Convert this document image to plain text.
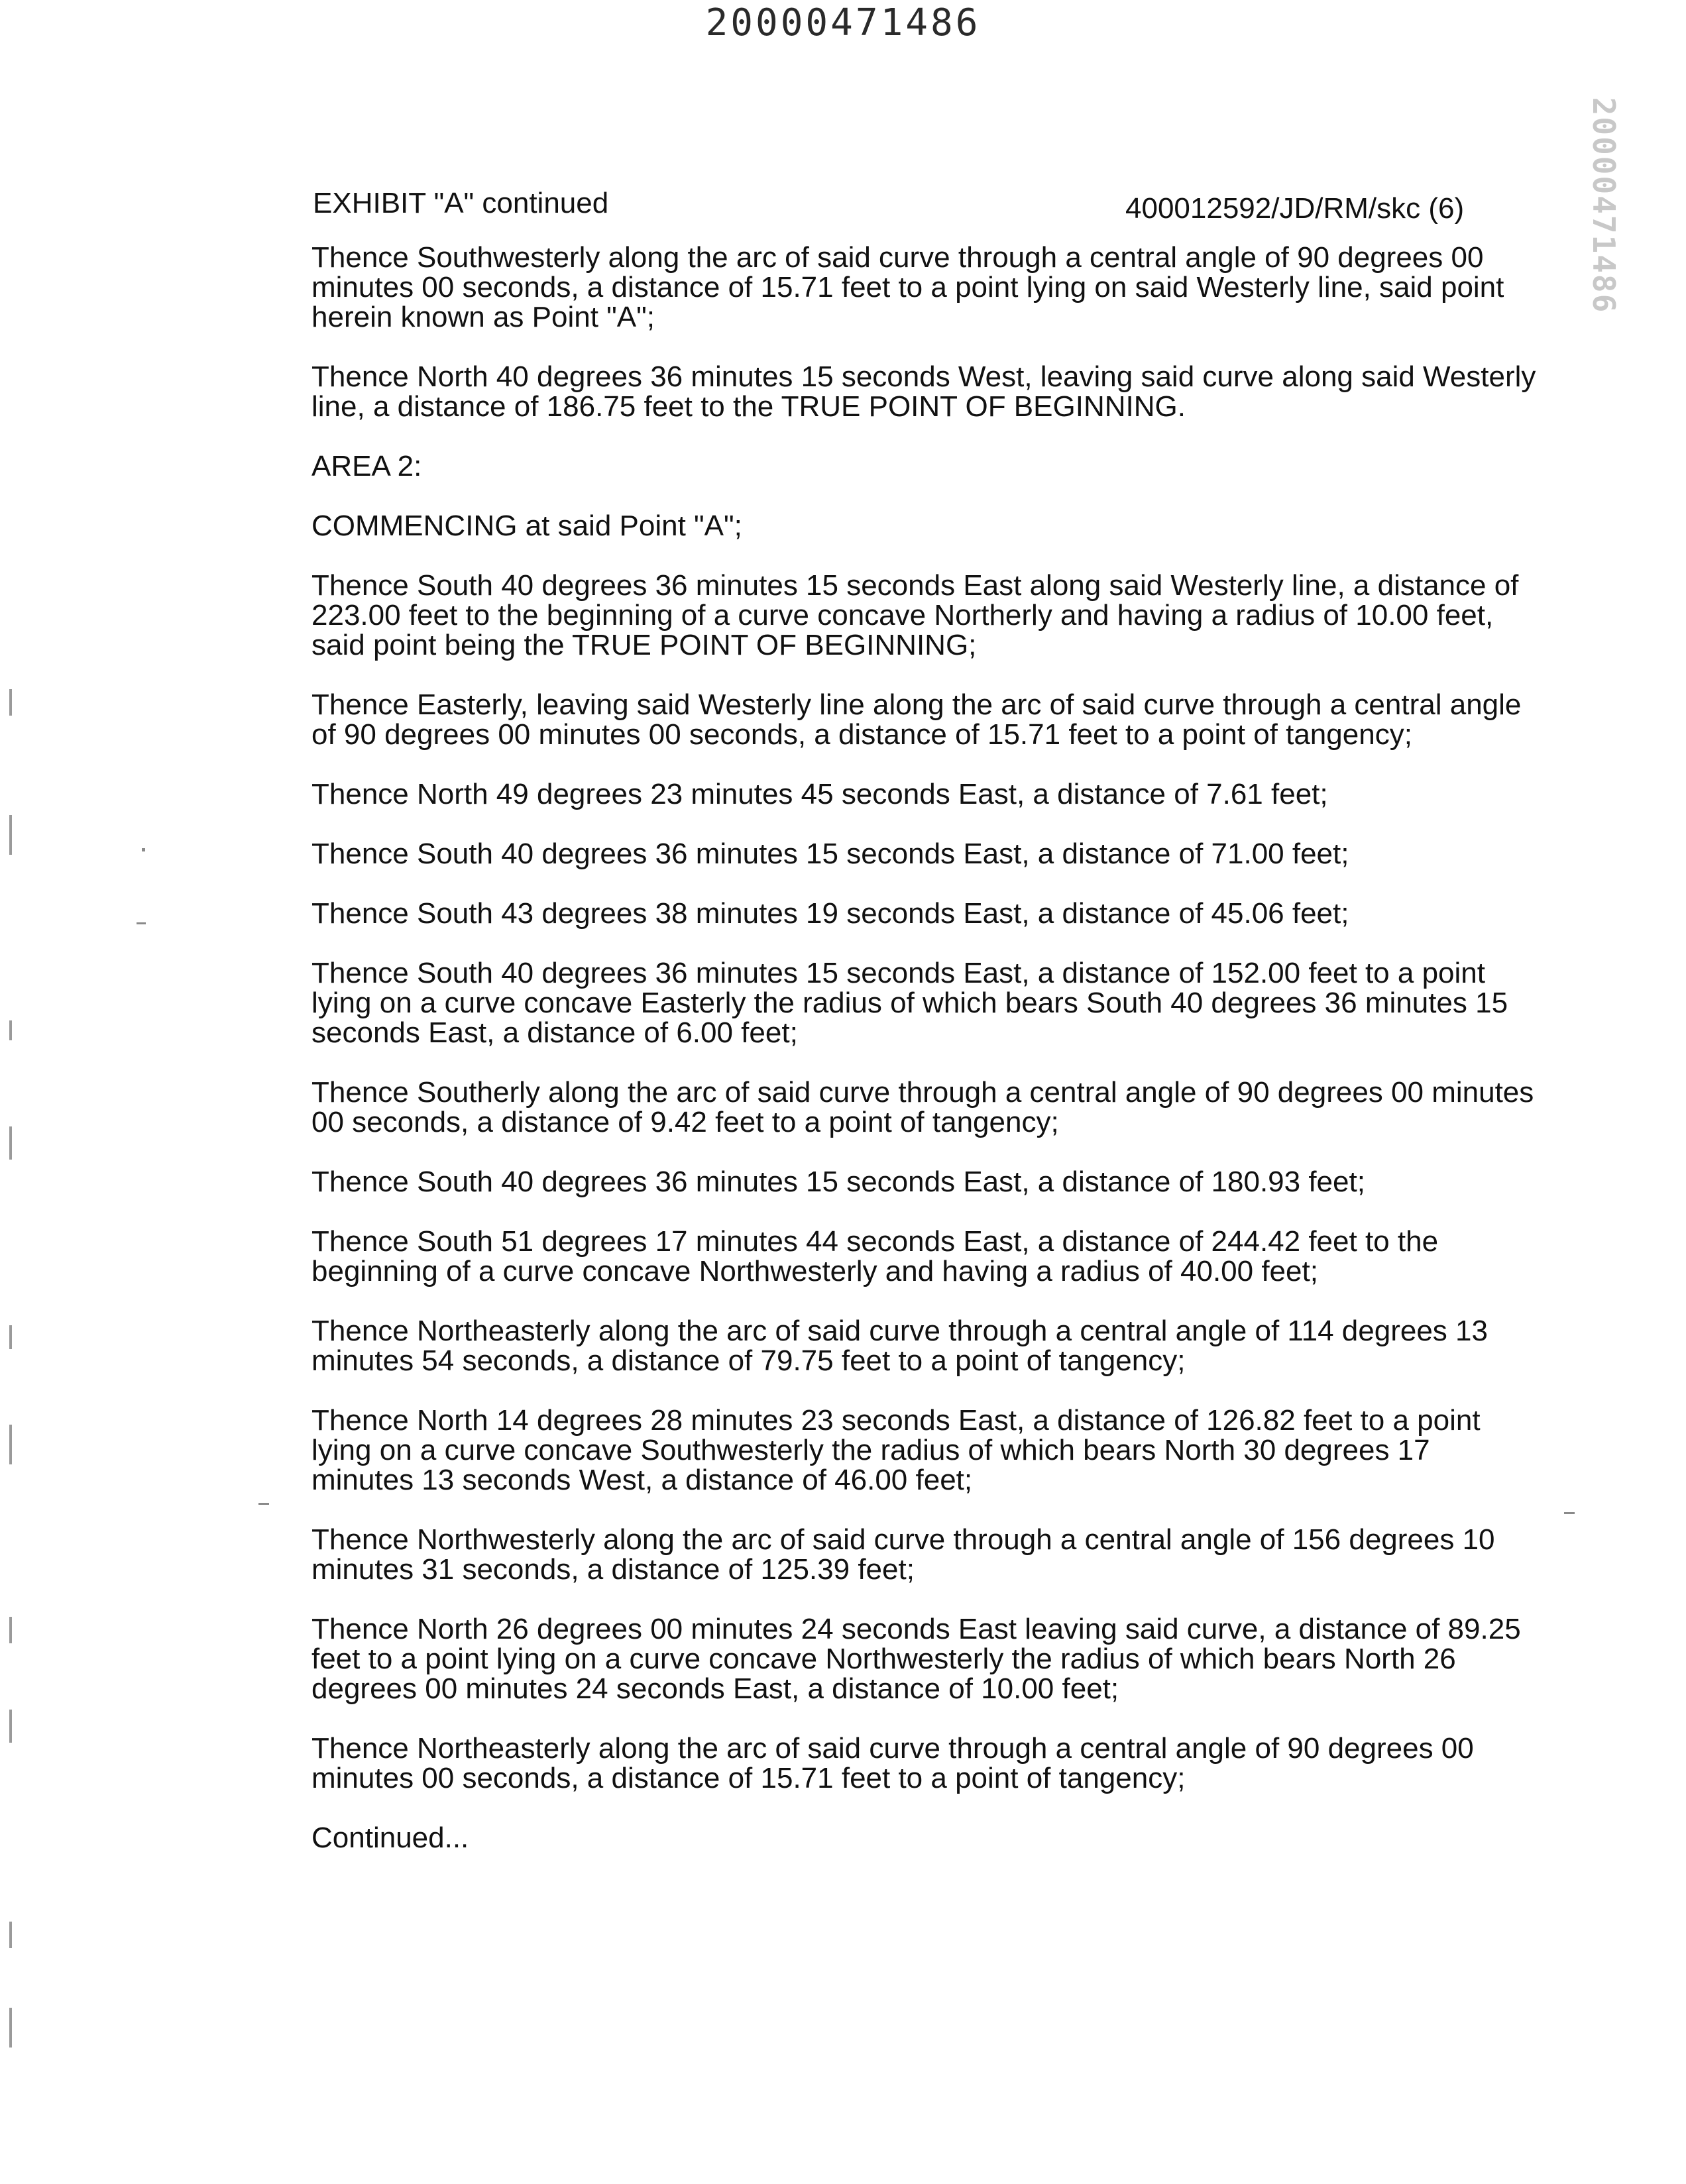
20000471486
20000471486
EXHIBIT "A" continued	400012592/JD/RM/skc (6)

Thence Southwesterly along the arc of said curve through a central angle of 90 degrees 00 minutes 00 seconds, a distance of 15.71 feet to a point lying on said Westerly line, said point herein known as Point "A";

Thence North 40 degrees 36 minutes 15 seconds West, leaving said curve along said Westerly line, a distance of 186.75 feet to the TRUE POINT OF BEGINNING.

AREA 2:

COMMENCING at said Point "A";

Thence South 40 degrees 36 minutes 15 seconds East along said Westerly line, a distance of 223.00 feet to the beginning of a curve concave Northerly and having a radius of 10.00 feet, said point being the TRUE POINT OF BEGINNING;

Thence Easterly, leaving said Westerly line along the arc of said curve through a central angle of 90 degrees 00 minutes 00 seconds, a distance of 15.71 feet to a point of tangency;

Thence North 49 degrees 23 minutes 45 seconds East, a distance of 7.61 feet;

Thence South 40 degrees 36 minutes 15 seconds East, a distance of 71.00 feet;

Thence South 43 degrees 38 minutes 19 seconds East, a distance of 45.06 feet;

Thence South 40 degrees 36 minutes 15 seconds East, a distance of 152.00 feet to a point lying on a curve concave Easterly the radius of which bears South 40 degrees 36 minutes 15 seconds East, a distance of 6.00 feet;

Thence Southerly along the arc of said curve through a central angle of 90 degrees 00 minutes 00 seconds, a distance of 9.42 feet to a point of tangency;

Thence South 40 degrees 36 minutes 15 seconds East, a distance of 180.93 feet;

Thence South 51 degrees 17 minutes 44 seconds East, a distance of 244.42 feet to the beginning of a curve concave Northwesterly and having a radius of 40.00 feet;

Thence Northeasterly along the arc of said curve through a central angle of 114 degrees 13 minutes 54 seconds, a distance of 79.75 feet to a point of tangency;

Thence North 14 degrees 28 minutes 23 seconds East, a distance of 126.82 feet to a point lying on a curve concave Southwesterly the radius of which bears North 30 degrees 17 minutes 13 seconds West, a distance of 46.00 feet;

Thence Northwesterly along the arc of said curve through a central angle of 156 degrees 10 minutes 31 seconds, a distance of 125.39 feet;

Thence North 26 degrees 00 minutes 24 seconds East leaving said curve, a distance of 89.25 feet to a point lying on a curve concave Northwesterly the radius of which bears North 26 degrees 00 minutes 24 seconds East, a distance of 10.00 feet;

Thence Northeasterly along the arc of said curve through a central angle of 90 degrees 00 minutes 00 seconds, a distance of 15.71 feet to a point of tangency;

Continued...
